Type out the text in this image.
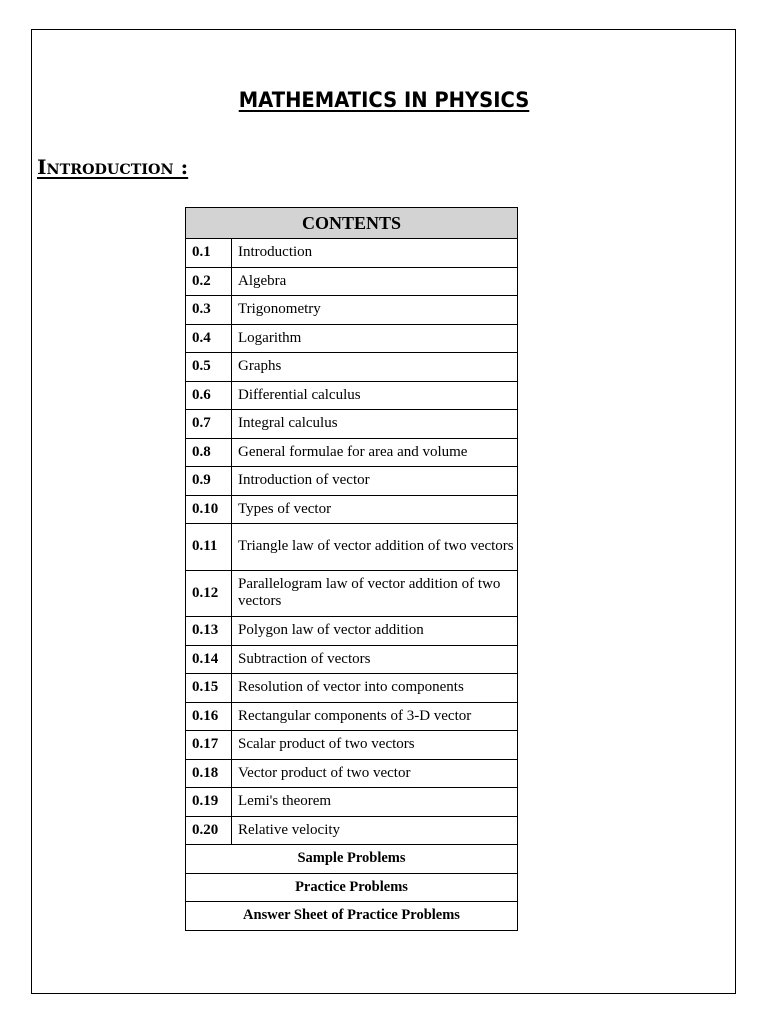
MATHEMATICS IN PHYSICS
Introduction :
CONTENTS	
0.1	Introduction
0.2	Algebra
0.3	Trigonometry
0.4	Logarithm
0.5	Graphs
0.6	Differential calculus
0.7	Integral calculus
0.8	General formulae for area and volume
0.9	Introduction of vector
0.10	Types of vector
0.11	Triangle law of vector addition of two vectors
0.12	Parallelogram law of vector addition of two vectors
0.13	Polygon law of vector addition
0.14	Subtraction of vectors
0.15	Resolution of vector into components
0.16	Rectangular components of 3-D vector
0.17	Scalar product of two vectors
0.18	Vector product of two vector
0.19	Lemi's theorem
0.20	Relative velocity
Sample Problems	
Practice Problems	
Answer Sheet of Practice Problems	
